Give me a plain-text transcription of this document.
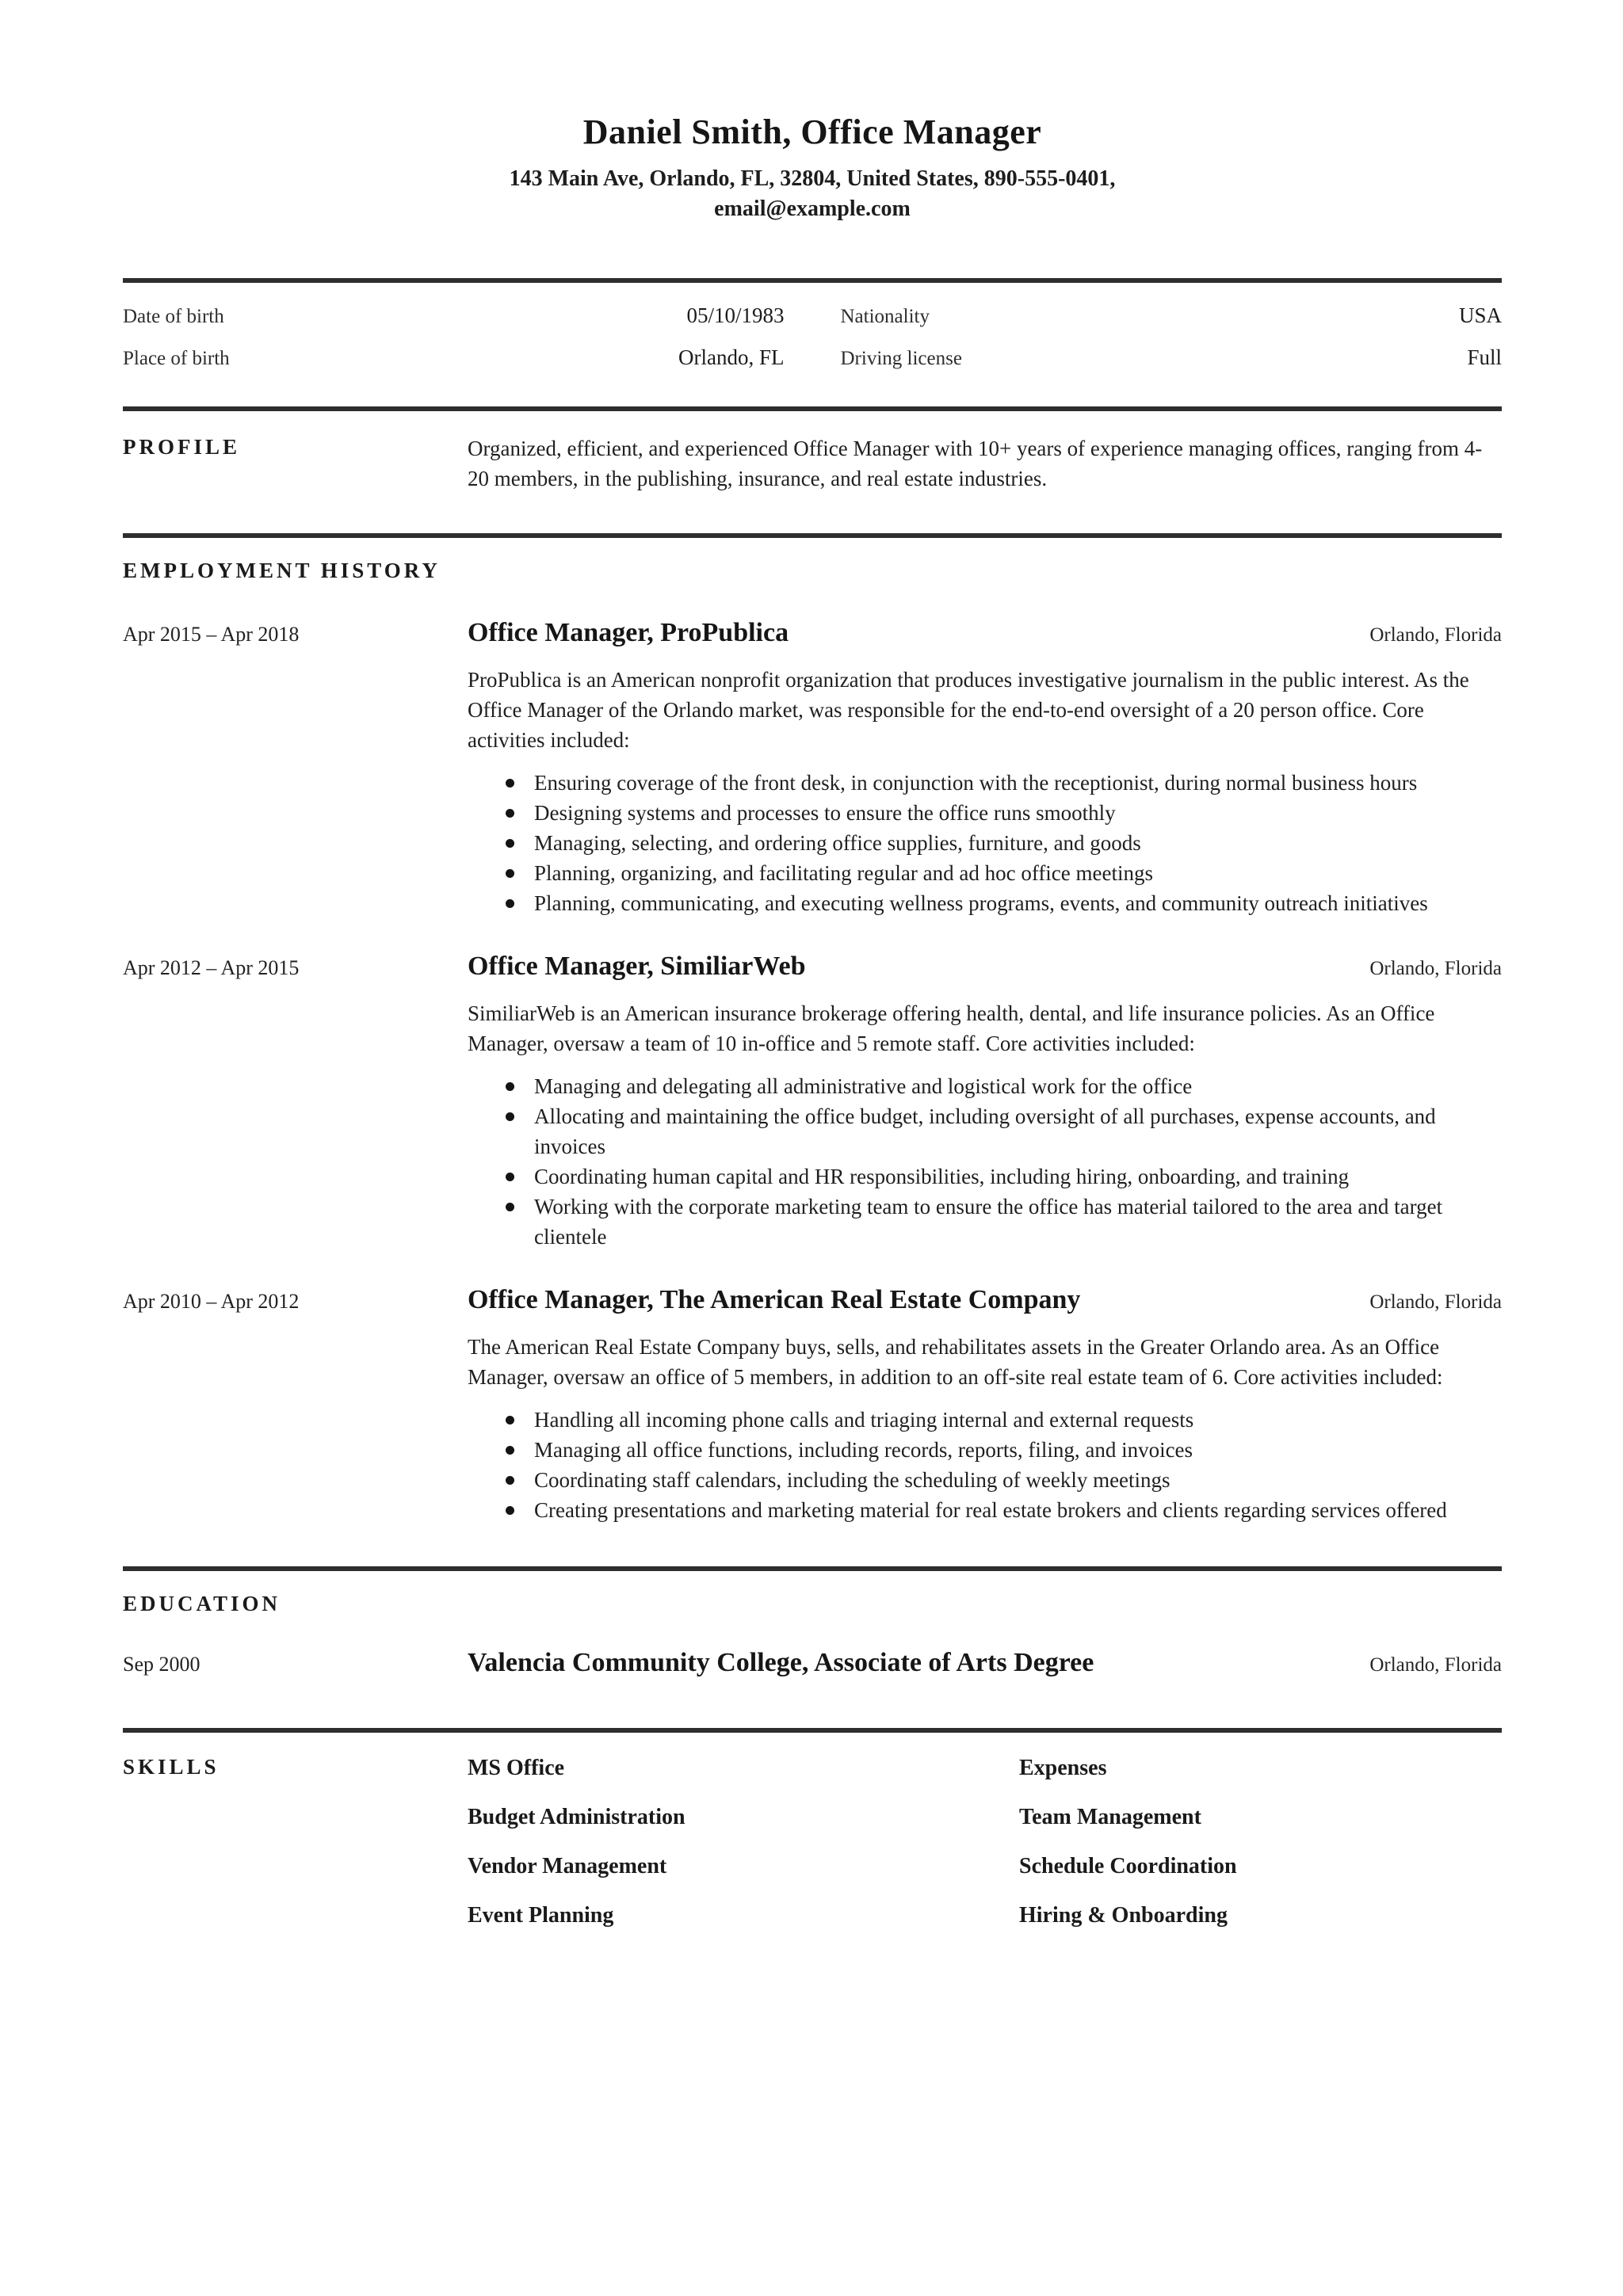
Daniel Smith, Office Manager

143 Main Ave, Orlando, FL, 32804, United States, 890-555-0401,
email@example.com

Date of birth	05/10/1983	Nationality	USA
Place of birth	Orlando, FL	Driving license	Full
PROFILE	Organized, efficient, and experienced Office Manager with 10+ years of experience managing offices, ranging from 4-20 members, in the publishing, insurance, and real estate industries.

EMPLOYMENT HISTORY
Apr 2015 – Apr 2018	Office Manager, ProPublica	Orlando, Florida

ProPublica is an American nonprofit organization that produces investigative journalism in the public interest. As the Office Manager of the Orlando market, was responsible for the end-to-end oversight of a 20 person office. Core activities included:

Ensuring coverage of the front desk, in conjunction with the receptionist, during normal business hours
Designing systems and processes to ensure the office runs smoothly
Managing, selecting, and ordering office supplies, furniture, and goods
Planning, organizing, and facilitating regular and ad hoc office meetings
Planning, communicating, and executing wellness programs, events, and community outreach initiatives
Apr 2012 – Apr 2015	Office Manager, SimiliarWeb	Orlando, Florida

SimiliarWeb is an American insurance brokerage offering health, dental, and life insurance policies. As an Office Manager, oversaw a team of 10 in-office and 5 remote staff. Core activities included:

Managing and delegating all administrative and logistical work for the office
Allocating and maintaining the office budget, including oversight of all purchases, expense accounts, and invoices
Coordinating human capital and HR responsibilities, including hiring, onboarding, and training
Working with the corporate marketing team to ensure the office has material tailored to the area and target clientele
Apr 2010 – Apr 2012	Office Manager, The American Real Estate Company	Orlando, Florida

The American Real Estate Company buys, sells, and rehabilitates assets in the Greater Orlando area. As an Office Manager, oversaw an office of 5 members, in addition to an off-site real estate team of 6. Core activities included:

Handling all incoming phone calls and triaging internal and external requests
Managing all office functions, including records, reports, filing, and invoices
Coordinating staff calendars, including the scheduling of weekly meetings
Creating presentations and marketing material for real estate brokers and clients regarding services offered
EDUCATION
Sep 2000	Valencia Community College, Associate of Arts Degree	Orlando, Florida
SKILLS	MS Office	Expenses
Budget Administration	Team Management
Vendor Management	Schedule Coordination
Event Planning	Hiring & Onboarding
